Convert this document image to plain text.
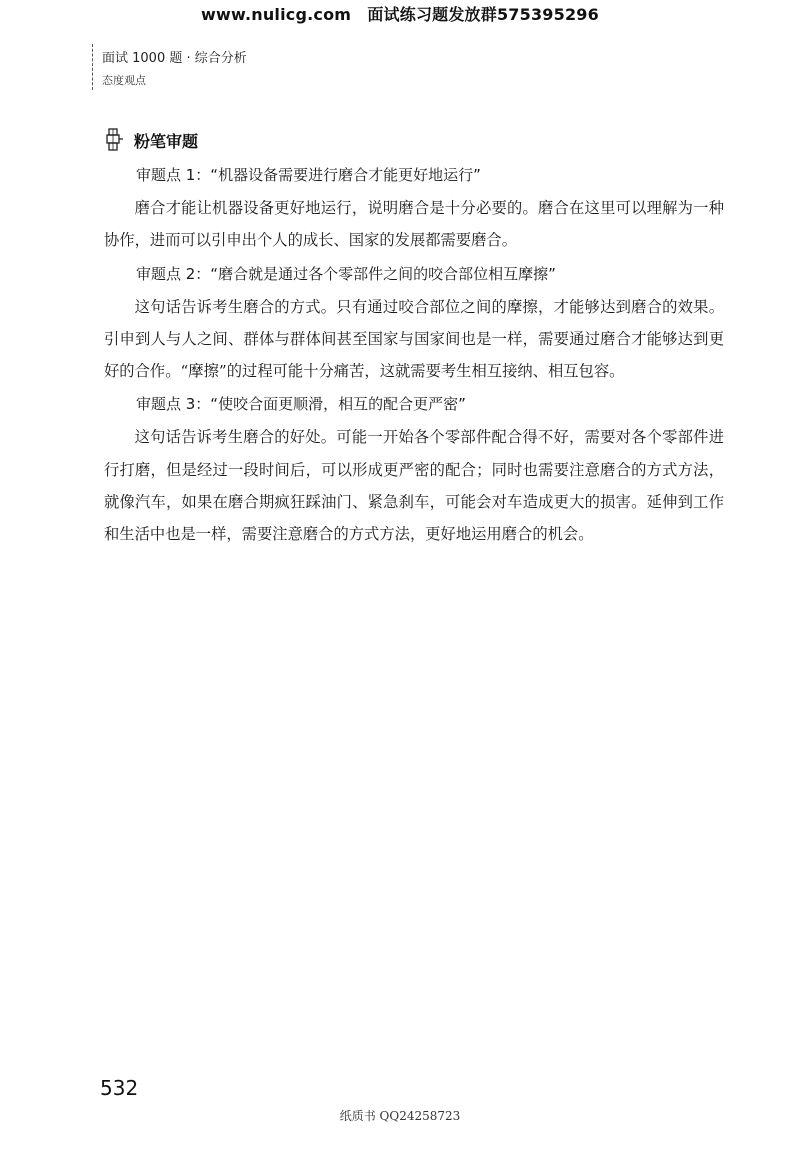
www.nulicg.com　面试练习题发放群575395296
面试 1000 题 · 综合分析
态度观点
粉笔审题
审题点 1：“机器设备需要进行磨合才能更好地运行”

磨合才能让机器设备更好地运行，说明磨合是十分必要的。磨合在这里可以理解为一种协作，进而可以引申出个人的成长、国家的发展都需要磨合。

审题点 2：“磨合就是通过各个零部件之间的咬合部位相互摩擦”

这句话告诉考生磨合的方式。只有通过咬合部位之间的摩擦，才能够达到磨合的效果。引申到人与人之间、群体与群体间甚至国家与国家间也是一样，需要通过磨合才能够达到更好的合作。“摩擦”的过程可能十分痛苦，这就需要考生相互接纳、相互包容。

审题点 3：“使咬合面更顺滑，相互的配合更严密”

这句话告诉考生磨合的好处。可能一开始各个零部件配合得不好，需要对各个零部件进行打磨，但是经过一段时间后，可以形成更严密的配合；同时也需要注意磨合的方式方法，就像汽车，如果在磨合期疯狂踩油门、紧急刹车，可能会对车造成更大的损害。延伸到工作和生活中也是一样，需要注意磨合的方式方法，更好地运用磨合的机会。

532
纸质书 QQ24258723
